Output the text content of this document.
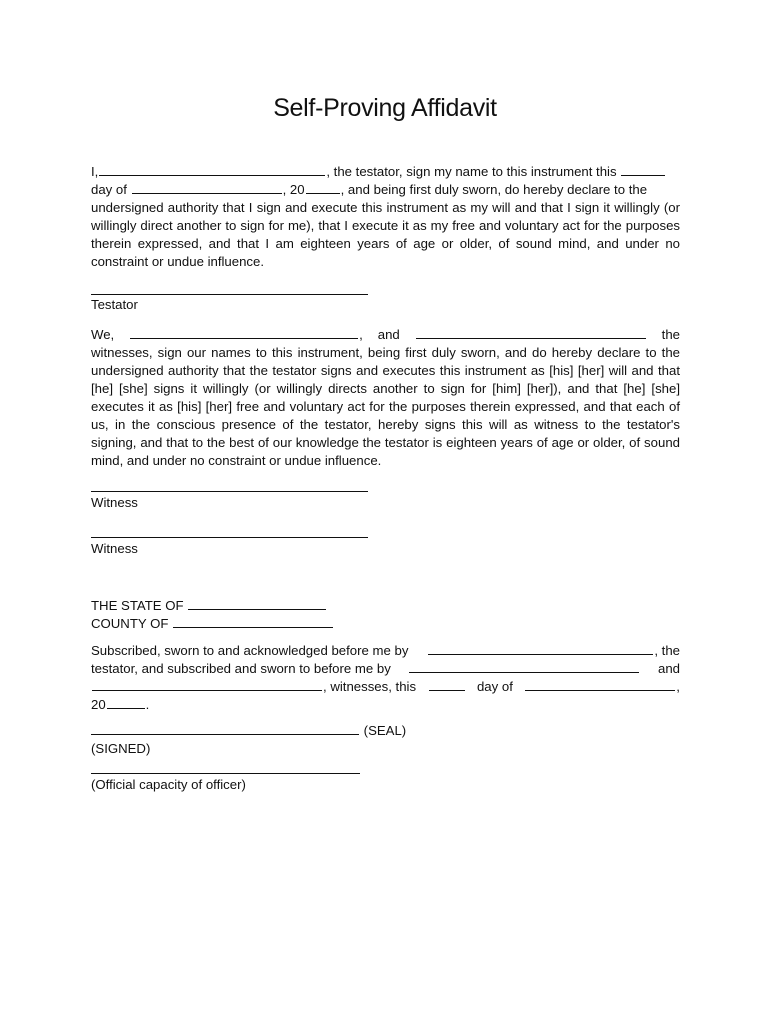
Self-Proving Affidavit
I,	, the testator, sign my name to this instrument this
day of	, 20	, and being first duly sworn, do hereby declare to the

undersigned authority that I sign and execute this instrument as my will and that I sign it willingly (or willingly direct another to sign for me), that I execute it as my free and voluntary act for the purposes therein expressed, and that I am eighteen years of age or older, of sound mind, and under no constraint or undue influence.

Testator
We,	, and	the

witnesses, sign our names to this instrument, being first duly sworn, and do hereby declare to the undersigned authority that the testator signs and executes this instrument as [his] [her] will and that [he] [she] signs it willingly (or willingly directs another to sign for [him] [her]), and that [he] [she] executes it as [his] [her] free and voluntary act for the purposes therein expressed, and that each of us, in the conscious presence of the testator, hereby signs this will as witness to the testator's signing, and that to the best of our knowledge the testator is eighteen years of age or older, of sound mind, and under no constraint or undue influence.

Witness
Witness
THE STATE OF
COUNTY OF
Subscribed, sworn to and acknowledged before me by	, the
testator, and subscribed and sworn to before me by	and
, witnesses, this	day of	,
20	.
(SEAL)
(SIGNED)
(Official capacity of officer)
